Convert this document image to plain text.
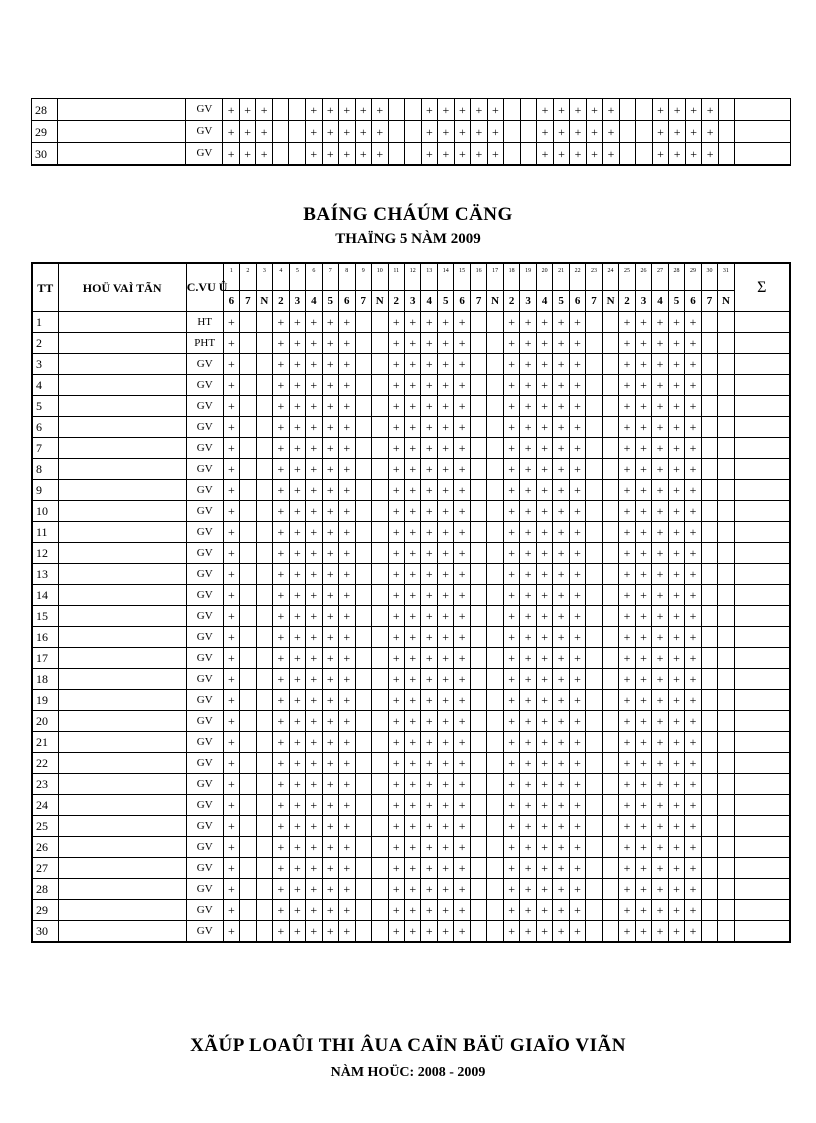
28		GV	+	+	+			+	+	+	+	+			+	+	+	+	+			+	+	+	+	+			+	+	+	+		
29		GV	+	+	+			+	+	+	+	+			+	+	+	+	+			+	+	+	+	+			+	+	+	+		
30		GV	+	+	+			+	+	+	+	+			+	+	+	+	+			+	+	+	+	+			+	+	+	+		
BAÍNG CHÁÚM CÄNG
THAÏNG 5 NÀM 2009
TT	HOÜ VAÌ TÃN	C.VU Û	1	2	3	4	5	6	7	8	9	10	11	12	13	14	15	16	17	18	19	20	21	22	23	24	25	26	27	28	29	30	31	Σ
			6	7	N	2	3	4	5	6	7	N	2	3	4	5	6	7	N	2	3	4	5	6	7	N	2	3	4	5	6	7	N	
1		HT	+			+	+	+	+	+			+	+	+	+	+			+	+	+	+	+			+	+	+	+	+			
2		PHT	+			+	+	+	+	+			+	+	+	+	+			+	+	+	+	+			+	+	+	+	+			
3		GV	+			+	+	+	+	+			+	+	+	+	+			+	+	+	+	+			+	+	+	+	+			
4		GV	+			+	+	+	+	+			+	+	+	+	+			+	+	+	+	+			+	+	+	+	+			
5		GV	+			+	+	+	+	+			+	+	+	+	+			+	+	+	+	+			+	+	+	+	+			
6		GV	+			+	+	+	+	+			+	+	+	+	+			+	+	+	+	+			+	+	+	+	+			
7		GV	+			+	+	+	+	+			+	+	+	+	+			+	+	+	+	+			+	+	+	+	+			
8		GV	+			+	+	+	+	+			+	+	+	+	+			+	+	+	+	+			+	+	+	+	+			
9		GV	+			+	+	+	+	+			+	+	+	+	+			+	+	+	+	+			+	+	+	+	+			
10		GV	+			+	+	+	+	+			+	+	+	+	+			+	+	+	+	+			+	+	+	+	+			
11		GV	+			+	+	+	+	+			+	+	+	+	+			+	+	+	+	+			+	+	+	+	+			
12		GV	+			+	+	+	+	+			+	+	+	+	+			+	+	+	+	+			+	+	+	+	+			
13		GV	+			+	+	+	+	+			+	+	+	+	+			+	+	+	+	+			+	+	+	+	+			
14		GV	+			+	+	+	+	+			+	+	+	+	+			+	+	+	+	+			+	+	+	+	+			
15		GV	+			+	+	+	+	+			+	+	+	+	+			+	+	+	+	+			+	+	+	+	+			
16		GV	+			+	+	+	+	+			+	+	+	+	+			+	+	+	+	+			+	+	+	+	+			
17		GV	+			+	+	+	+	+			+	+	+	+	+			+	+	+	+	+			+	+	+	+	+			
18		GV	+			+	+	+	+	+			+	+	+	+	+			+	+	+	+	+			+	+	+	+	+			
19		GV	+			+	+	+	+	+			+	+	+	+	+			+	+	+	+	+			+	+	+	+	+			
20		GV	+			+	+	+	+	+			+	+	+	+	+			+	+	+	+	+			+	+	+	+	+			
21		GV	+			+	+	+	+	+			+	+	+	+	+			+	+	+	+	+			+	+	+	+	+			
22		GV	+			+	+	+	+	+			+	+	+	+	+			+	+	+	+	+			+	+	+	+	+			
23		GV	+			+	+	+	+	+			+	+	+	+	+			+	+	+	+	+			+	+	+	+	+			
24		GV	+			+	+	+	+	+			+	+	+	+	+			+	+	+	+	+			+	+	+	+	+			
25		GV	+			+	+	+	+	+			+	+	+	+	+			+	+	+	+	+			+	+	+	+	+			
26		GV	+			+	+	+	+	+			+	+	+	+	+			+	+	+	+	+			+	+	+	+	+			
27		GV	+			+	+	+	+	+			+	+	+	+	+			+	+	+	+	+			+	+	+	+	+			
28		GV	+			+	+	+	+	+			+	+	+	+	+			+	+	+	+	+			+	+	+	+	+			
29		GV	+			+	+	+	+	+			+	+	+	+	+			+	+	+	+	+			+	+	+	+	+			
30		GV	+			+	+	+	+	+			+	+	+	+	+			+	+	+	+	+			+	+	+	+	+			
XÃÚP LOAÛI THI ÂUA CAÏN BÄÜ GIAÏO VIÃN
NÀM HOÜC: 2008 - 2009
